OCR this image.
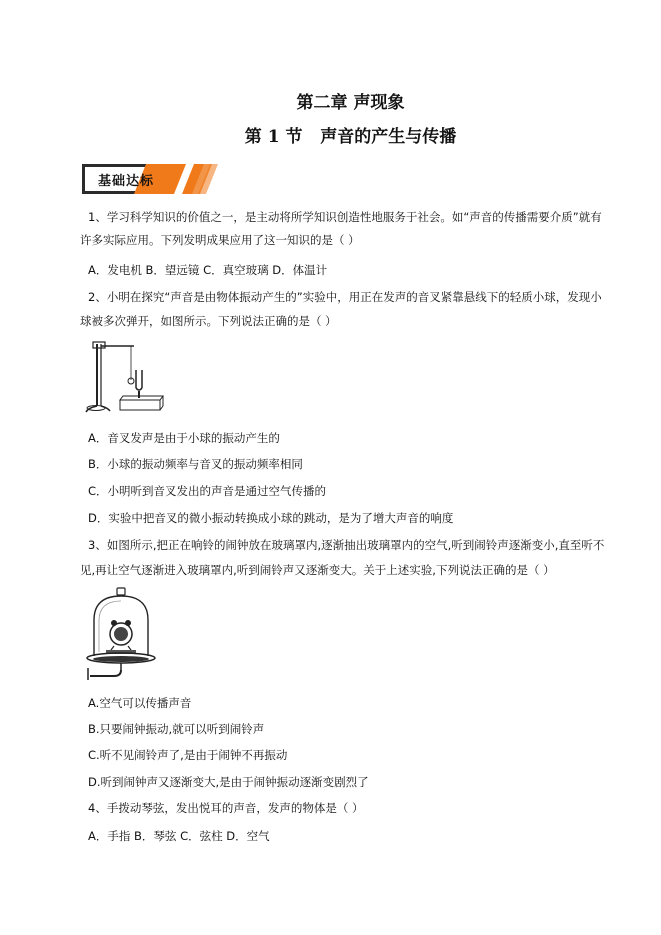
第二章 声现象
第 1 节   声音的产生与传播
基础达标
1、学习科学知识的价值之一，是主动将所学知识创造性地服务于社会。如“声音的传播需要介质”就有
许多实际应用。下列发明成果应用了这一知识的是（ ）
A．发电机 B．望远镜 C．真空玻璃 D．体温计
2、小明在探究“声音是由物体振动产生的”实验中，用正在发声的音叉紧靠悬线下的轻质小球，发现小
球被多次弹开，如图所示。下列说法正确的是（ ）
A．音叉发声是由于小球的振动产生的
B．小球的振动频率与音叉的振动频率相同
C．小明听到音叉发出的声音是通过空气传播的
D．实验中把音叉的微小振动转换成小球的跳动，是为了增大声音的响度
3、如图所示,把正在响铃的闹钟放在玻璃罩内,逐渐抽出玻璃罩内的空气,听到闹铃声逐渐变小,直至听不
见,再让空气逐渐进入玻璃罩内,听到闹铃声又逐渐变大。关于上述实验,下列说法正确的是（ ）
A.空气可以传播声音
B.只要闹钟振动,就可以听到闹铃声
C.听不见闹铃声了,是由于闹钟不再振动
D.听到闹钟声又逐渐变大,是由于闹钟振动逐渐变剧烈了
4、手拨动琴弦，发出悦耳的声音，发声的物体是（ ）
A．手指 B．琴弦 C．弦柱 D．空气
